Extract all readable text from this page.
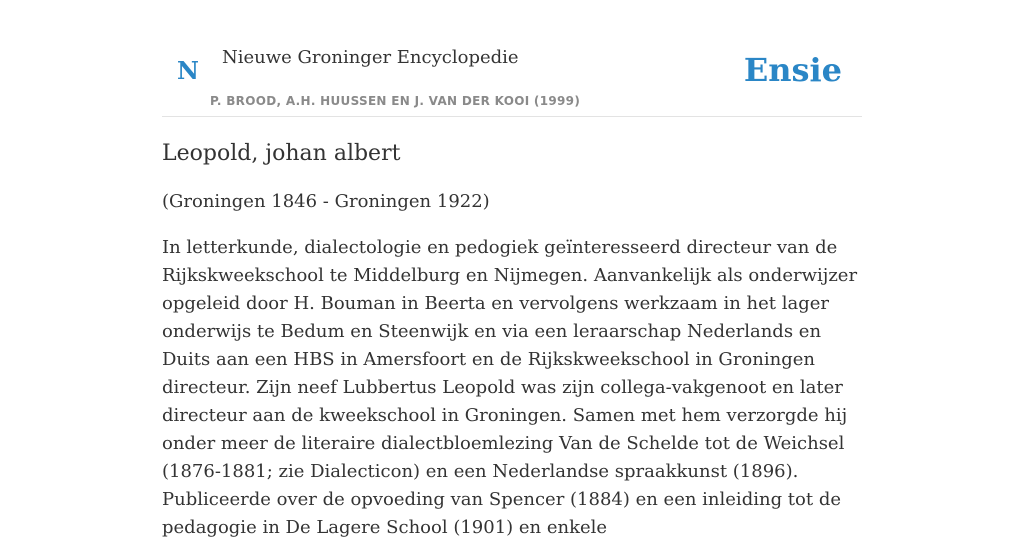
N Nieuwe Groninger Encyclopedie
P. BROOD, A.H. HUUSSEN EN J. VAN DER KOOI (1999)
Ensie
Leopold, johan albert

(Groningen 1846 - Groningen 1922)

In letterkunde, dialectologie en pedogiek geïnteresseerd directeur van de Rijkskweekschool te Middelburg en Nijmegen. Aanvankelijk als onderwijzer opgeleid door H. Bouman in Beerta en vervolgens werkzaam in het lager onderwijs te Bedum en Steenwijk en via een leraarschap Nederlands en Duits aan een HBS in Amersfoort en de Rijkskweekschool in Groningen directeur. Zijn neef Lubbertus Leopold was zijn collega-vakgenoot en later directeur aan de kweekschool in Groningen. Samen met hem verzorgde hij onder meer de literaire dialectbloemlezing Van de Schelde tot de Weichsel (1876-1881; zie Dialecticon) en een Nederlandse spraakkunst (1896). Publiceerde over de opvoeding van Spencer (1884) en een inleiding tot de pedagogie in De Lagere School (1901) en enkele
